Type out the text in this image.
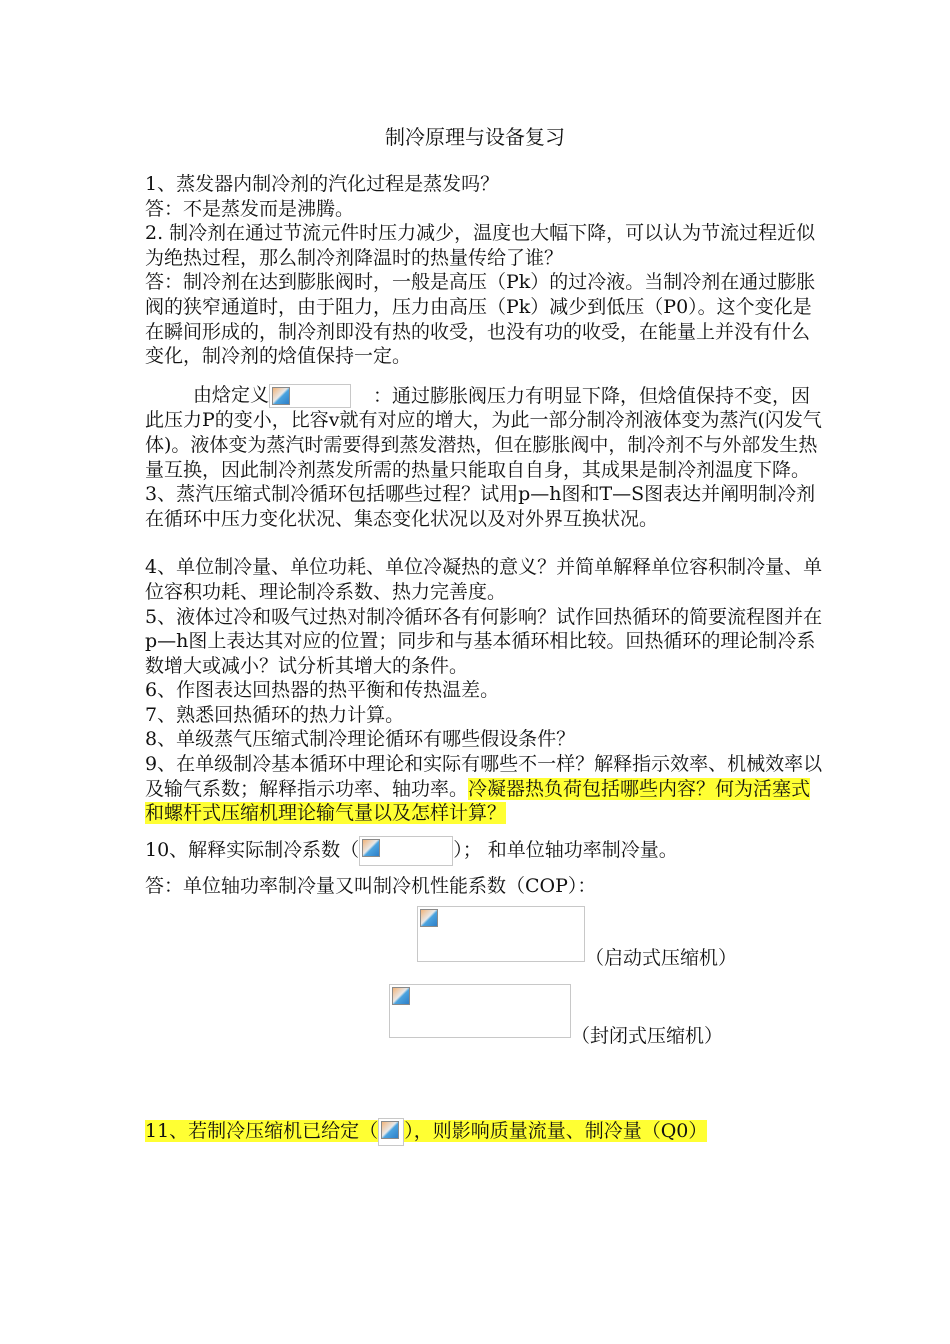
制冷原理与设备复习

1、蒸发器内制冷剂的汽化过程是蒸发吗？

答：不是蒸发而是沸腾。

2. 制冷剂在通过节流元件时压力减少，温度也大幅下降，可以认为节流过程近似为绝热过程，那么制冷剂降温时的热量传给了谁？

答：制冷剂在达到膨胀阀时，一般是高压（Pk）的过冷液。当制冷剂在通过膨胀阀的狭窄通道时，由于阻力，压力由高压（Pk）减少到低压（P0）。这个变化是在瞬间形成的，制冷剂即没有热的收受，也没有功的收受，在能量上并没有什么变化，制冷剂的焓值保持一定。

由焓定义	：通过膨胀阀压力有明显下降，但焓值保持不变，因此压力P的变小，比容v就有对应的增大，为此一部分制冷剂液体变为蒸汽(闪发气体)。液体变为蒸汽时需要得到蒸发潜热，但在膨胀阀中，制冷剂不与外部发生热量互换，因此制冷剂蒸发所需的热量只能取自自身，其成果是制冷剂温度下降。

3、蒸汽压缩式制冷循环包括哪些过程？试用p—h图和T—S图表达并阐明制冷剂在循环中压力变化状况、集态变化状况以及对外界互换状况。

4、单位制冷量、单位功耗、单位冷凝热的意义？并简单解释单位容积制冷量、单位容积功耗、理论制冷系数、热力完善度。

5、液体过冷和吸气过热对制冷循环各有何影响？试作回热循环的简要流程图并在p—h图上表达其对应的位置；同步和与基本循环相比较。回热循环的理论制冷系数增大或减小？试分析其增大的条件。

6、作图表达回热器的热平衡和传热温差。

7、熟悉回热循环的热力计算。

8、单级蒸气压缩式制冷理论循环有哪些假设条件？

9、在单级制冷基本循环中理论和实际有哪些不一样？解释指示效率、机械效率以及输气系数；解释指示功率、轴功率。冷凝器热负荷包括哪些内容？何为活塞式和螺杆式压缩机理论输气量以及怎样计算？

10、解释实际制冷系数（	）； 和单位轴功率制冷量。

答：单位轴功率制冷量又叫制冷机性能系数（COP）：

（启动式压缩机）
（封闭式压缩机）

11、若制冷压缩机已给定（ ），则影响质量流量、制冷量（Q0）
